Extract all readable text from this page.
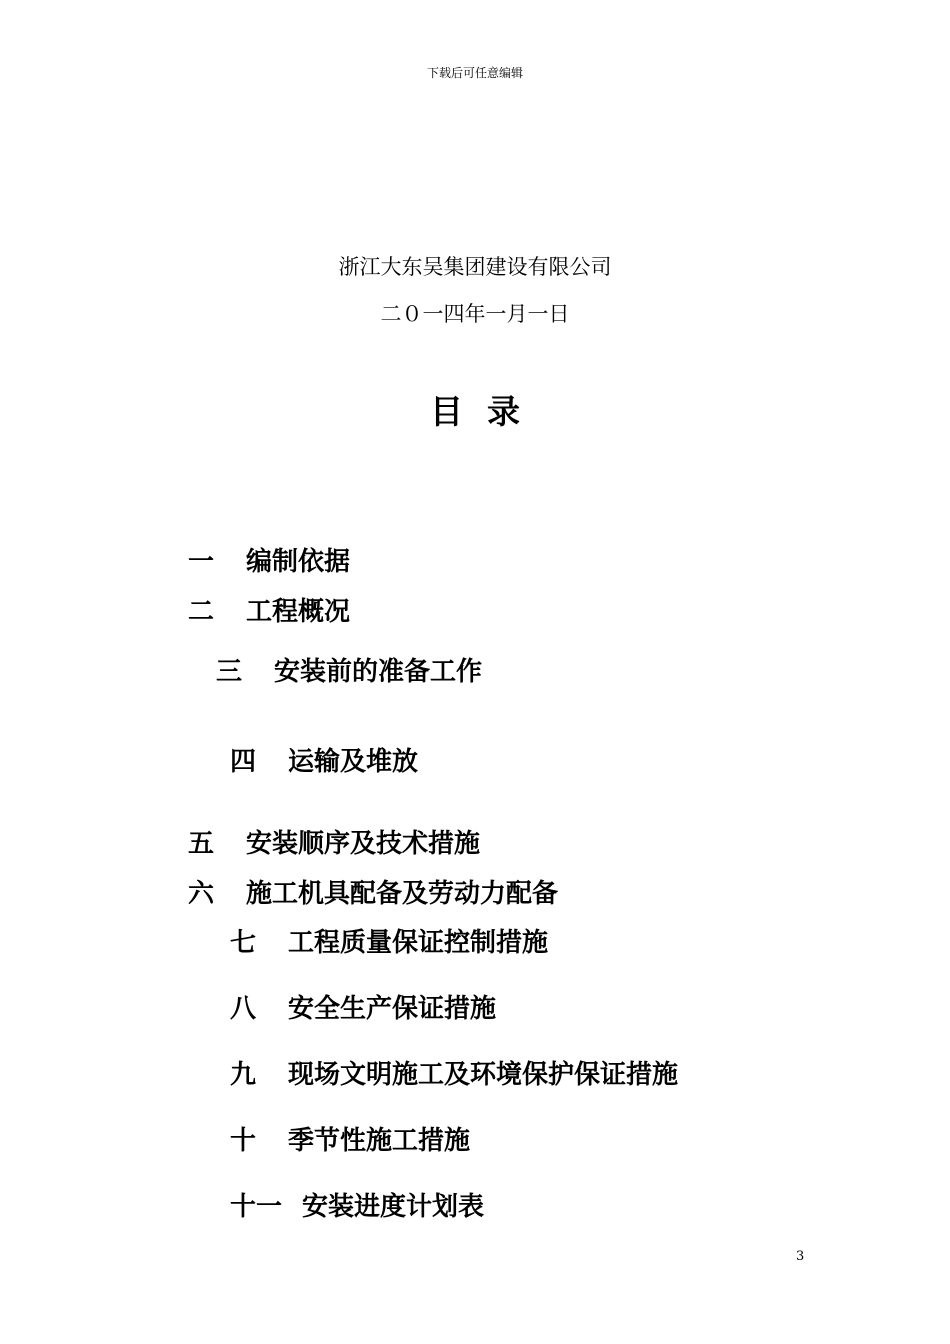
下载后可任意编辑
浙江大东吴集团建设有限公司
二０一四年一月一日
目录
一 编制依据
二 工程概况
三 安装前的准备工作
四 运输及堆放
五 安装顺序及技术措施
六 施工机具配备及劳动力配备
七 工程质量保证控制措施
八 安全生产保证措施
九 现场文明施工及环境保护保证措施
十 季节性施工措施
十一 安装进度计划表
3
